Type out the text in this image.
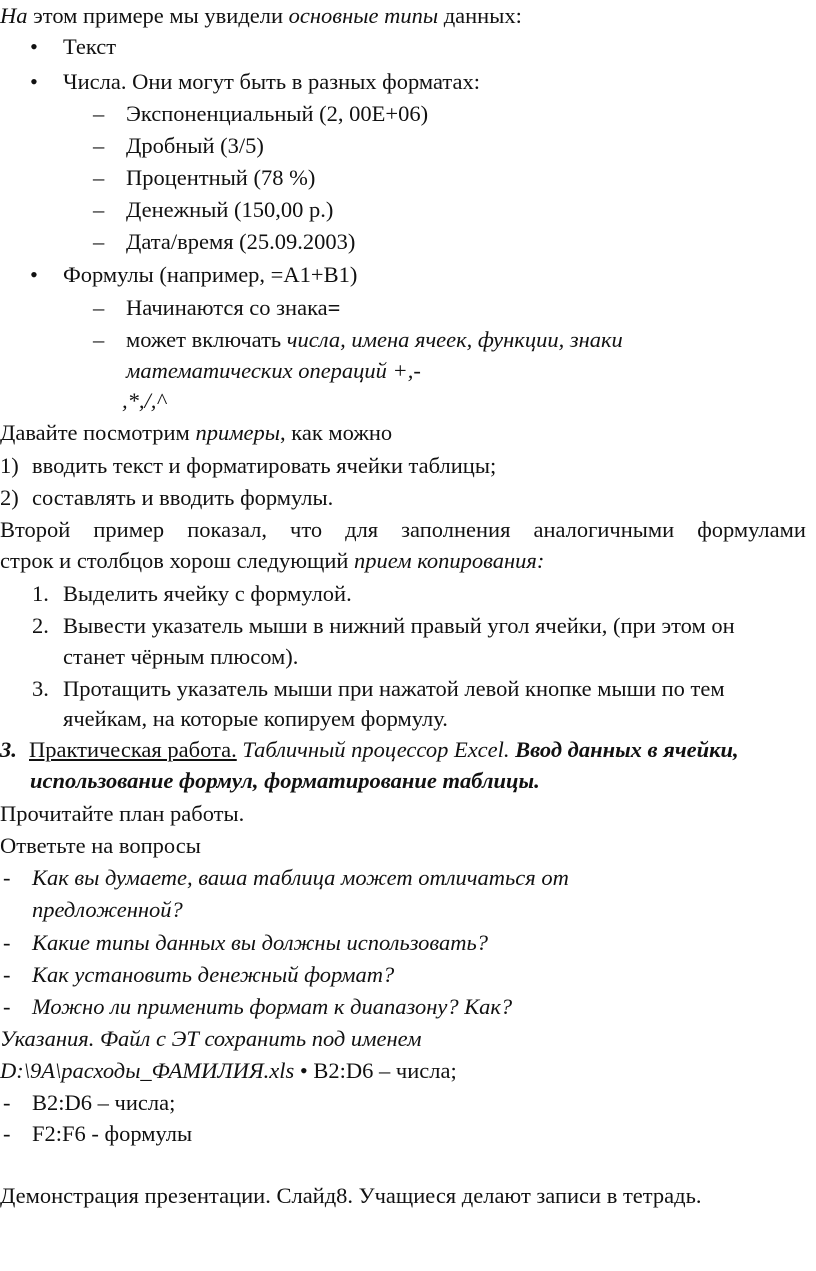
На этом примере мы увидели основные типы данных:
• Текст
• Числа. Они могут быть в разных форматах:
– Экспоненциальный (2, 00E+06)
– Дробный (3/5)
– Процентный (78 %)
– Денежный (150,00 р.)
– Дата/время (25.09.2003)
• Формулы (например, =A1+B1)
– Начинаются со знака=
– может включать числа, имена ячеек, функции, знаки
математических операций +,-
,*,/,^
Давайте посмотрим примеры, как можно
1) вводить текст и форматировать ячейки таблицы;
2) составлять и вводить формулы.
Второй пример показал, что для заполнения аналогичными формулами
строк и столбцов хорош следующий прием копирования:
1. Выделить ячейку с формулой.
2. Вывести указатель мыши в нижний правый угол ячейки, (при этом он
станет чёрным плюсом).
3. Протащить указатель мыши при нажатой левой кнопке мыши по тем
ячейкам, на которые копируем формулу.
3. Практическая работа. Табличный процессор Excel. Ввод данных в ячейки,
использование формул, форматирование таблицы.
Прочитайте план работы.
Ответьте на вопросы
- Как вы думаете, ваша таблица может отличаться от
предложенной?
- Какие типы данных вы должны использовать?
- Как установить денежный формат?
- Можно ли применить формат к диапазону? Как?
Указания. Файл с ЭТ сохранить под именем
D:\9А\расходы_ФАМИЛИЯ.xls • B2:D6 – числа;
- B2:D6 – числа;
- F2:F6 - формулы
Демонстрация презентации. Слайд8. Учащиеся делают записи в тетрадь.
